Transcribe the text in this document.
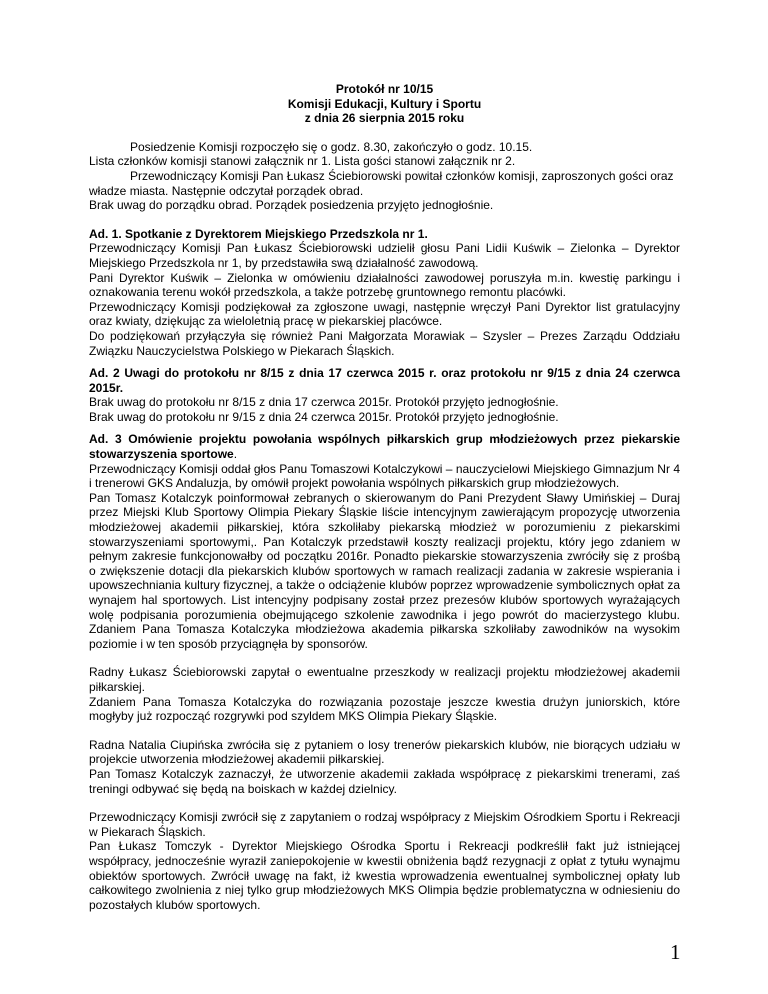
Protokół nr 10/15
Komisji Edukacji, Kultury i Sportu
z dnia 26 sierpnia 2015 roku

Posiedzenie Komisji rozpoczęło się o godz. 8.30, zakończyło o godz. 10.15.

Lista członków komisji stanowi załącznik nr 1. Lista gości stanowi załącznik nr 2.

Przewodniczący Komisji Pan Łukasz Ściebiorowski powitał członków komisji, zaproszonych gości oraz władze miasta. Następnie odczytał porządek obrad.

Brak uwag do porządku obrad. Porządek posiedzenia przyjęto jednogłośnie.

Ad. 1. Spotkanie z Dyrektorem Miejskiego Przedszkola nr 1.

Przewodniczący Komisji Pan Łukasz Ściebiorowski udzielił głosu Pani Lidii Kuświk – Zielonka – Dyrektor Miejskiego Przedszkola nr 1, by przedstawiła swą działalność zawodową.

Pani Dyrektor Kuświk – Zielonka w omówieniu działalności zawodowej poruszyła m.in. kwestię parkingu i oznakowania terenu wokół przedszkola, a także potrzebę gruntownego remontu placówki.

Przewodniczący Komisji podziękował za zgłoszone uwagi, następnie wręczył Pani Dyrektor list gratulacyjny oraz kwiaty, dziękując za wieloletnią pracę w piekarskiej placówce.

Do podziękowań przyłączyła się również Pani Małgorzata Morawiak – Szysler – Prezes Zarządu Oddziału Związku Nauczycielstwa Polskiego w Piekarach Śląskich.

Ad. 2 Uwagi do protokołu nr 8/15 z dnia 17 czerwca 2015 r. oraz protokołu nr 9/15 z dnia 24 czerwca 2015r.

Brak uwag do protokołu nr 8/15 z dnia 17 czerwca 2015r. Protokół przyjęto jednogłośnie.

Brak uwag do protokołu nr 9/15 z dnia 24 czerwca 2015r. Protokół przyjęto jednogłośnie.

Ad. 3 Omówienie projektu powołania wspólnych piłkarskich grup młodzieżowych przez piekarskie stowarzyszenia sportowe.

Przewodniczący Komisji oddał głos Panu Tomaszowi Kotalczykowi – nauczycielowi Miejskiego Gimnazjum Nr 4 i trenerowi GKS Andaluzja, by omówił projekt powołania wspólnych piłkarskich grup młodzieżowych.

Pan Tomasz Kotalczyk poinformował zebranych o skierowanym do Pani Prezydent Sławy Umińskiej – Duraj przez Miejski Klub Sportowy Olimpia Piekary Śląskie liście intencyjnym zawierającym propozycję utworzenia młodzieżowej akademii piłkarskiej, która szkoliłaby piekarską młodzież w porozumieniu z piekarskimi stowarzyszeniami sportowymi,. Pan Kotalczyk przedstawił koszty realizacji projektu, który jego zdaniem w pełnym zakresie funkcjonowałby od początku 2016r. Ponadto piekarskie stowarzyszenia zwróciły się z prośbą o zwiększenie dotacji dla piekarskich klubów sportowych w ramach realizacji zadania w zakresie wspierania i upowszechniania kultury fizycznej, a także o odciążenie klubów poprzez wprowadzenie symbolicznych opłat za wynajem hal sportowych. List intencyjny podpisany został przez prezesów klubów sportowych wyrażających wolę podpisania porozumienia obejmującego szkolenie zawodnika i jego powrót do macierzystego klubu. Zdaniem Pana Tomasza Kotalczyka młodzieżowa akademia piłkarska szkoliłaby zawodników na wysokim poziomie i w ten sposób przyciągnęła by sponsorów.

Radny Łukasz Ściebiorowski zapytał o ewentualne przeszkody w realizacji projektu młodzieżowej akademii piłkarskiej.

Zdaniem Pana Tomasza Kotalczyka do rozwiązania pozostaje jeszcze kwestia drużyn juniorskich, które mogłyby już rozpocząć rozgrywki pod szyldem MKS Olimpia Piekary Śląskie.

Radna Natalia Ciupińska zwróciła się z pytaniem o losy trenerów piekarskich klubów, nie biorących udziału w projekcie utworzenia młodzieżowej akademii piłkarskiej.

Pan Tomasz Kotalczyk zaznaczył, że utworzenie akademii zakłada współpracę z piekarskimi trenerami, zaś treningi odbywać się będą na boiskach w każdej dzielnicy.

Przewodniczący Komisji zwrócił się z zapytaniem o rodzaj współpracy z Miejskim Ośrodkiem Sportu i Rekreacji w Piekarach Śląskich.

Pan Łukasz Tomczyk - Dyrektor Miejskiego Ośrodka Sportu i Rekreacji podkreślił fakt już istniejącej współpracy, jednocześnie wyraził zaniepokojenie w kwestii obniżenia bądź rezygnacji z opłat z tytułu wynajmu obiektów sportowych. Zwrócił uwagę na fakt, iż kwestia wprowadzenia ewentualnej symbolicznej opłaty lub całkowitego zwolnienia z niej tylko grup młodzieżowych MKS Olimpia będzie problematyczna w odniesieniu do pozostałych klubów sportowych.

1
